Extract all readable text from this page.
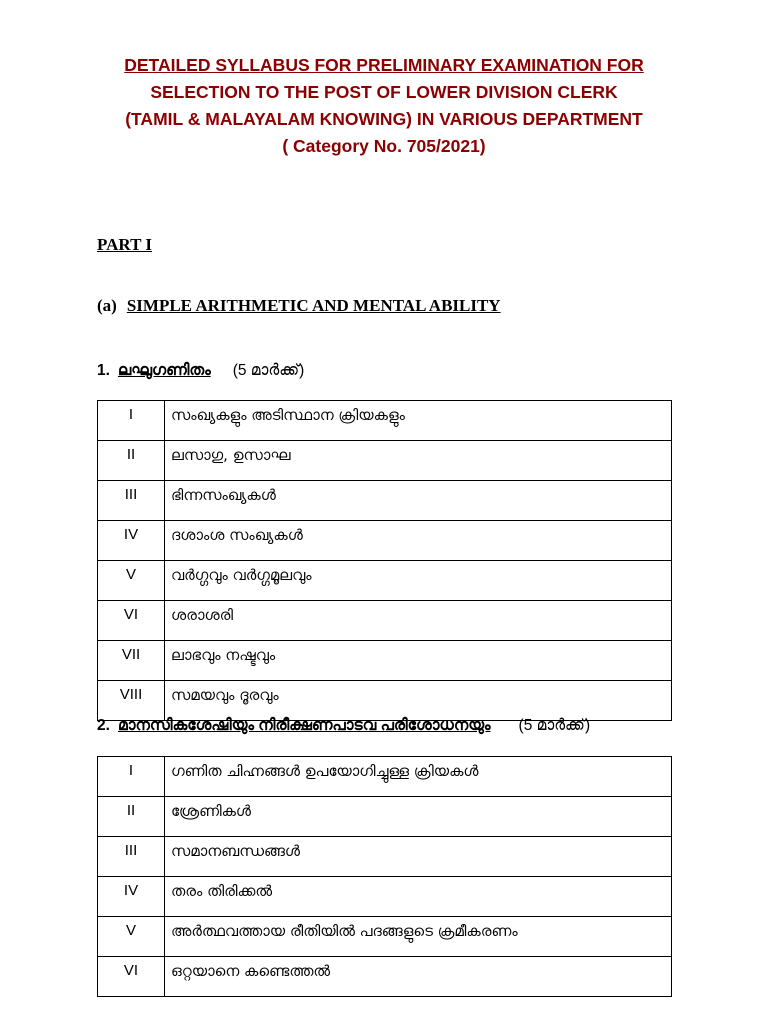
DETAILED SYLLABUS FOR PRELIMINARY EXAMINATION FOR
SELECTION TO THE POST OF LOWER DIVISION CLERK
(TAMIL & MALAYALAM KNOWING) IN VARIOUS DEPARTMENT
( Category No. 705/2021)
PART I
(a) SIMPLE ARITHMETIC AND MENTAL ABILITY
1. ലഘുഗണിതം (5 മാർക്ക്)
I	സംഖ്യകളും അടിസ്ഥാന ക്രിയകളും
II	ലസാഗു, ഉസാഘ
III	ഭിന്നസംഖ്യകൾ
IV	ദശാംശ സംഖ്യകൾ
V	വർഗ്ഗവും വർഗ്ഗമൂലവും
VI	ശരാശരി
VII	ലാഭവും നഷ്ടവും
VIII	സമയവും ദൂരവും
2. മാനസികശേഷിയും നിരീക്ഷണപാടവ പരിശോധനയും (5 മാർക്ക്)
I	ഗണിത ചിഹ്നങ്ങൾ ഉപയോഗിച്ചുള്ള ക്രിയകൾ
II	ശ്രേണികൾ
III	സമാനബന്ധങ്ങൾ
IV	തരം തിരിക്കൽ
V	അർത്ഥവത്തായ രീതിയിൽ പദങ്ങളുടെ ക്രമീകരണം
VI	ഒറ്റയാനെ കണ്ടെത്തൽ
